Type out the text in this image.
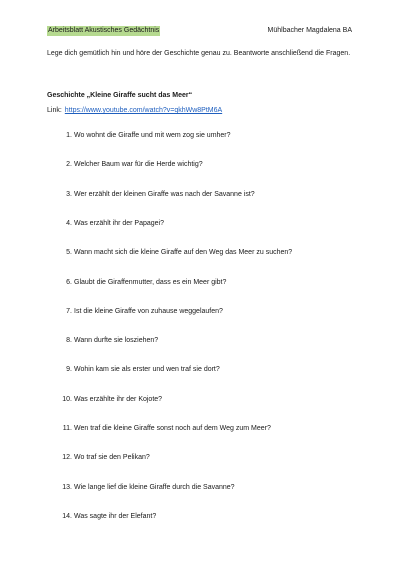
Arbeitsblatt Akustisches Gedächtnis	Mühlbacher Magdalena BA
Lege dich gemütlich hin und höre der Geschichte genau zu. Beantworte anschließend die Fragen.
Geschichte „Kleine Giraffe sucht das Meer“
Link: https://www.youtube.com/watch?v=qkhWw8PtM6A
1. Wo wohnt die Giraffe und mit wem zog sie umher?
2. Welcher Baum war für die Herde wichtig?
3. Wer erzählt der kleinen Giraffe was nach der Savanne ist?
4. Was erzählt ihr der Papagei?
5. Wann macht sich die kleine Giraffe auf den Weg das Meer zu suchen?
6. Glaubt die Giraffenmutter, dass es ein Meer gibt?
7. Ist die kleine Giraffe von zuhause weggelaufen?
8. Wann durfte sie losziehen?
9. Wohin kam sie als erster und wen traf sie dort?
10. Was erzählte ihr der Kojote?
11. Wen traf die kleine Giraffe sonst noch auf dem Weg zum Meer?
12. Wo traf sie den Pelikan?
13. Wie lange lief die kleine Giraffe durch die Savanne?
14. Was sagte ihr der Elefant?
